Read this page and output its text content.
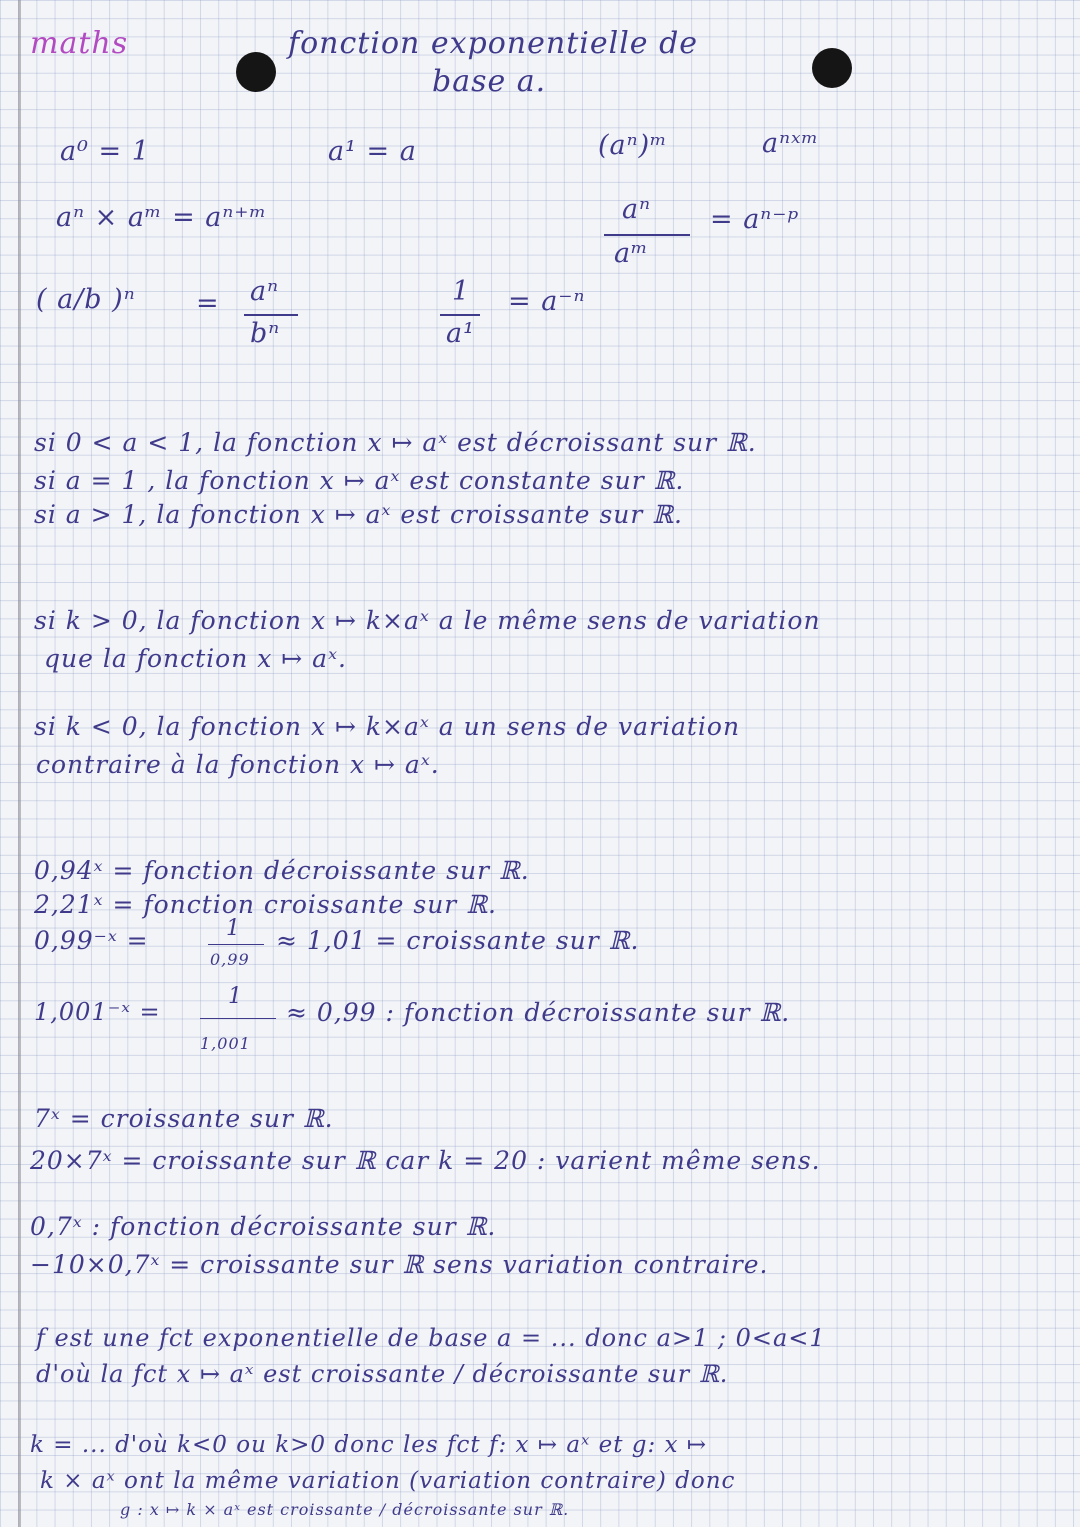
maths	fonction exponentielle de
base a.
a⁰ = 1	a¹ = a	(aⁿ)ᵐ	aⁿˣᵐ
aⁿ × aᵐ = aⁿ⁺ᵐ	aⁿ
aᵐ
= aⁿ⁻ᵖ
( a/b )ⁿ = aⁿ
bⁿ
1
a¹
= a⁻ⁿ
si 0 < a < 1, la fonction x ↦ aˣ est décroissant sur ℝ.
si a = 1 , la fonction x ↦ aˣ est constante sur ℝ.
si a > 1, la fonction x ↦ aˣ est croissante sur ℝ.
si k > 0, la fonction x ↦ k×aˣ a le même sens de variation
que la fonction x ↦ aˣ.
si k < 0, la fonction x ↦ k×aˣ a un sens de variation
contraire à la fonction x ↦ aˣ.
0,94ˣ = fonction décroissante sur ℝ.
2,21ˣ = fonction croissante sur ℝ.
0,99⁻ˣ =	1
0,99
≈ 1,01 = croissante sur ℝ.
1,001⁻ˣ =
1
1,001
≈ 0,99 : fonction décroissante sur ℝ.
7ˣ = croissante sur ℝ.
20×7ˣ = croissante sur ℝ car k = 20 : varient même sens.
0,7ˣ : fonction décroissante sur ℝ.
−10×0,7ˣ = croissante sur ℝ sens variation contraire.
f est une fct exponentielle de base a = ... donc a>1 ; 0<a<1
d'où la fct x ↦ aˣ est croissante / décroissante sur ℝ.
k = ... d'où k<0 ou k>0 donc les fct f: x ↦ aˣ et g: x ↦
k × aˣ ont la même variation (variation contraire) donc
g : x ↦ k × aˣ est croissante / décroissante sur ℝ.
